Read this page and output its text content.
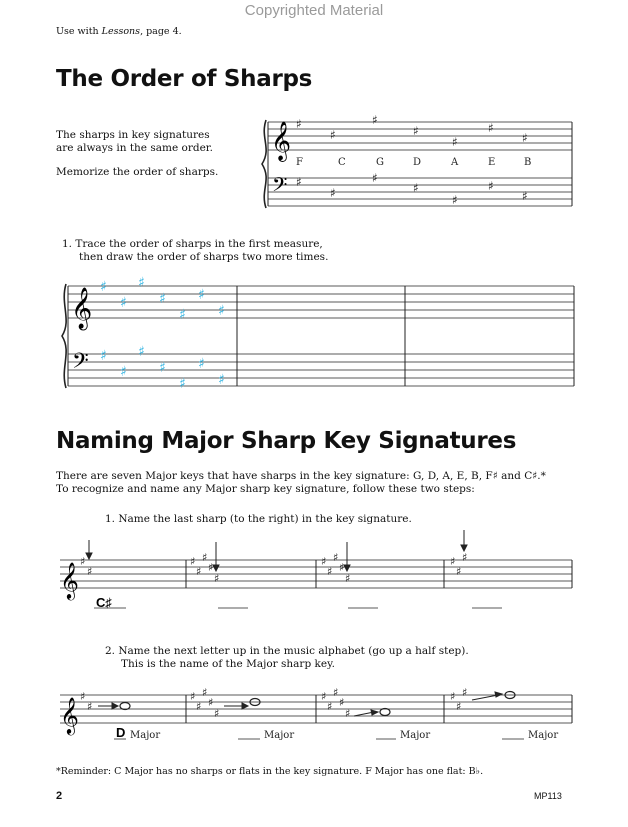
Copyrighted Material
Use with Lessons, page 4.
The Order of Sharps
The sharps in key signatures
are always in the same order.
Memorize the order of sharps.
𝄞
𝄢
♯
♯
♯
♯
♯
♯
♯
♯
♯
♯
♯
♯
♯
♯
F	C	G	D	A	E	B
1. Trace the order of sharps in the first measure,
then draw the order of sharps two more times.
𝄞
𝄢
♯
♯
♯
♯
♯
♯
♯
♯
♯
♯
♯
♯
♯
♯
Naming Major Sharp Key Signatures
There are seven Major keys that have sharps in the key signature: G, D, A, E, B, F♯ and C♯.*
To recognize and name any Major sharp key signature, follow these two steps:
1. Name the last sharp (to the right) in the key signature.
𝄞 ♯
♯
♯
♯
♯
♯
♯
♯
♯
♯
♯
♯
♯
♯
♯
C♯
2. Name the next letter up in the music alphabet (go up a half step).
This is the name of the Major sharp key.
𝄞 ♯
♯
♯
♯
♯
♯
♯
♯
♯
♯
♯
♯
♯
♯
♯
D Major	Major	Major	Major
*Reminder: C Major has no sharps or flats in the key signature. F Major has one flat: B♭.
2	MP113
